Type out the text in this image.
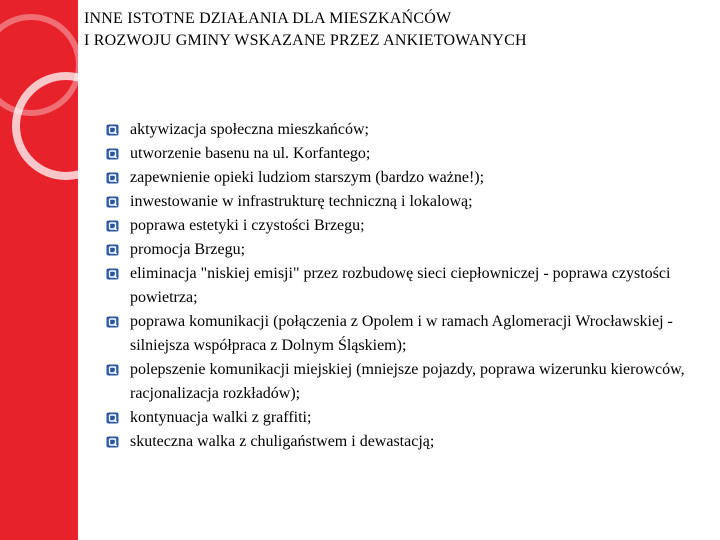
INNE ISTOTNE DZIAŁANIA DLA MIESZKAŃCÓW
I ROZWOJU GMINY WSKAZANE PRZEZ ANKIETOWANYCH
aktywizacja społeczna mieszkańców;
utworzenie basenu na ul. Korfantego;
zapewnienie opieki ludziom starszym (bardzo ważne!);
inwestowanie w infrastrukturę techniczną i lokalową;
poprawa estetyki i czystości Brzegu;
promocja Brzegu;
eliminacja "niskiej emisji" przez rozbudowę sieci ciepłowniczej - poprawa czystości powietrza;
poprawa komunikacji (połączenia z Opolem i w ramach Aglomeracji Wrocławskiej - silniejsza współpraca z Dolnym Śląskiem);
polepszenie komunikacji miejskiej (mniejsze pojazdy, poprawa wizerunku kierowców, racjonalizacja rozkładów);
kontynuacja walki z graffiti;
skuteczna walka z chuligaństwem i dewastacją;
